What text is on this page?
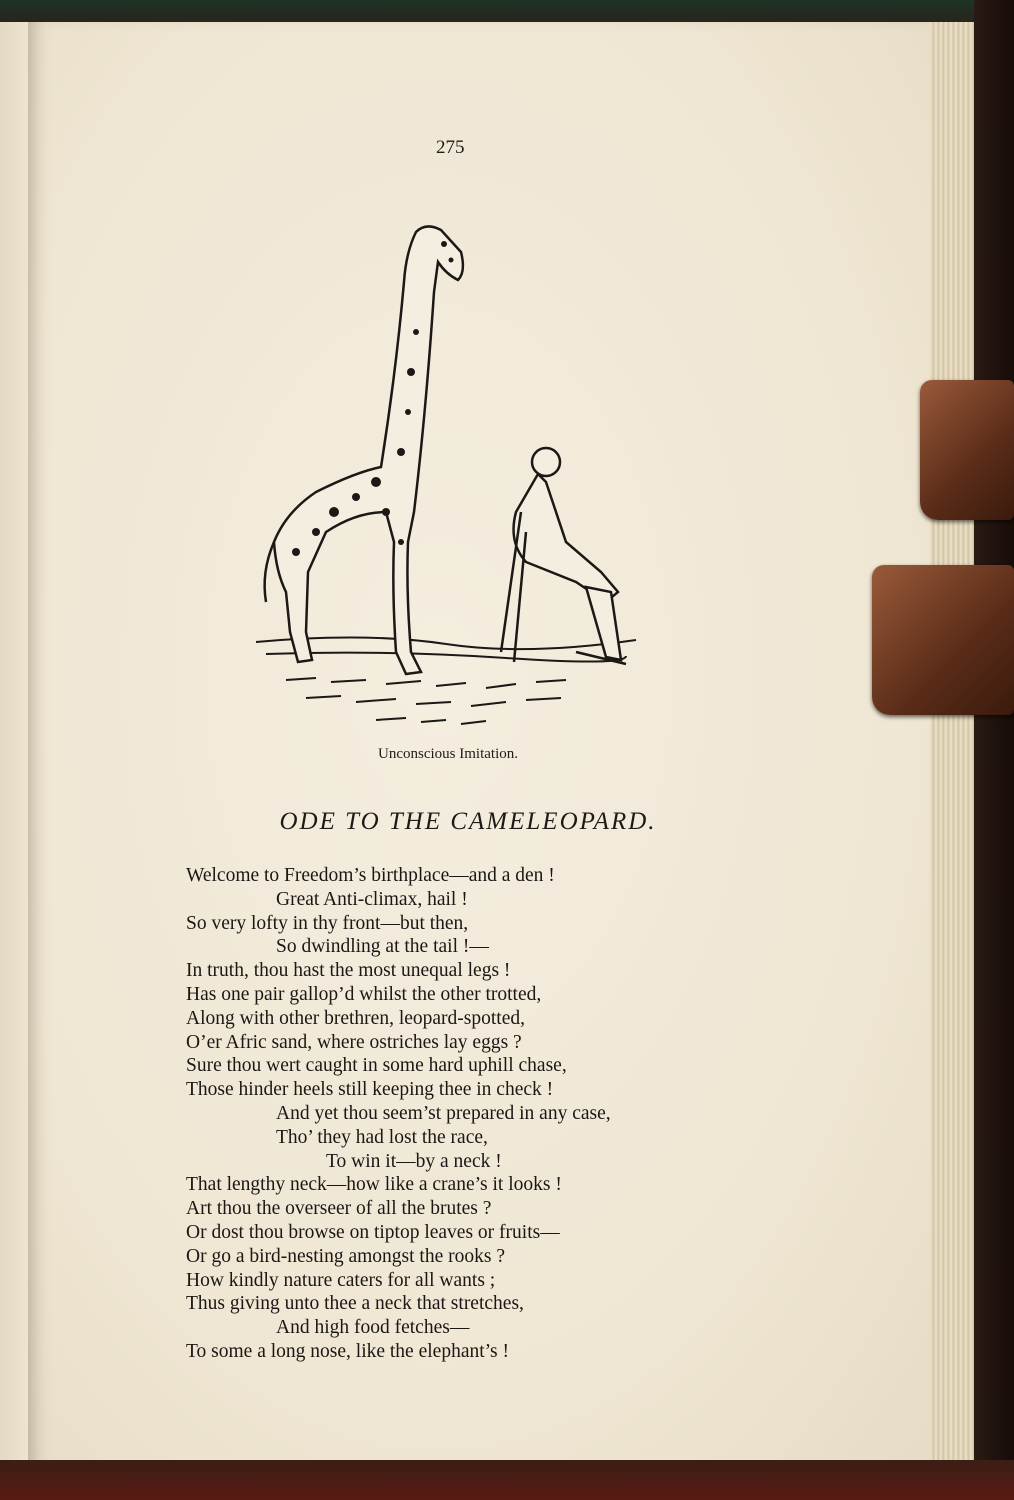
275
Unconscious Imitation.
ODE TO THE CAMELEOPARD.
Welcome to Freedom’s birthplace—and a den !
Great Anti-climax, hail !
So very lofty in thy front—but then,
So dwindling at the tail !—
In truth, thou hast the most unequal legs !
Has one pair gallop’d whilst the other trotted,
Along with other brethren, leopard-spotted,
O’er Afric sand, where ostriches lay eggs ?
Sure thou wert caught in some hard uphill chase,
Those hinder heels still keeping thee in check !
And yet thou seem’st prepared in any case,
Tho’ they had lost the race,
To win it—by a neck !
That lengthy neck—how like a crane’s it looks !
Art thou the overseer of all the brutes ?
Or dost thou browse on tiptop leaves or fruits—
Or go a bird-nesting amongst the rooks ?
How kindly nature caters for all wants ;
Thus giving unto thee a neck that stretches,
And high food fetches—
To some a long nose, like the elephant’s !
